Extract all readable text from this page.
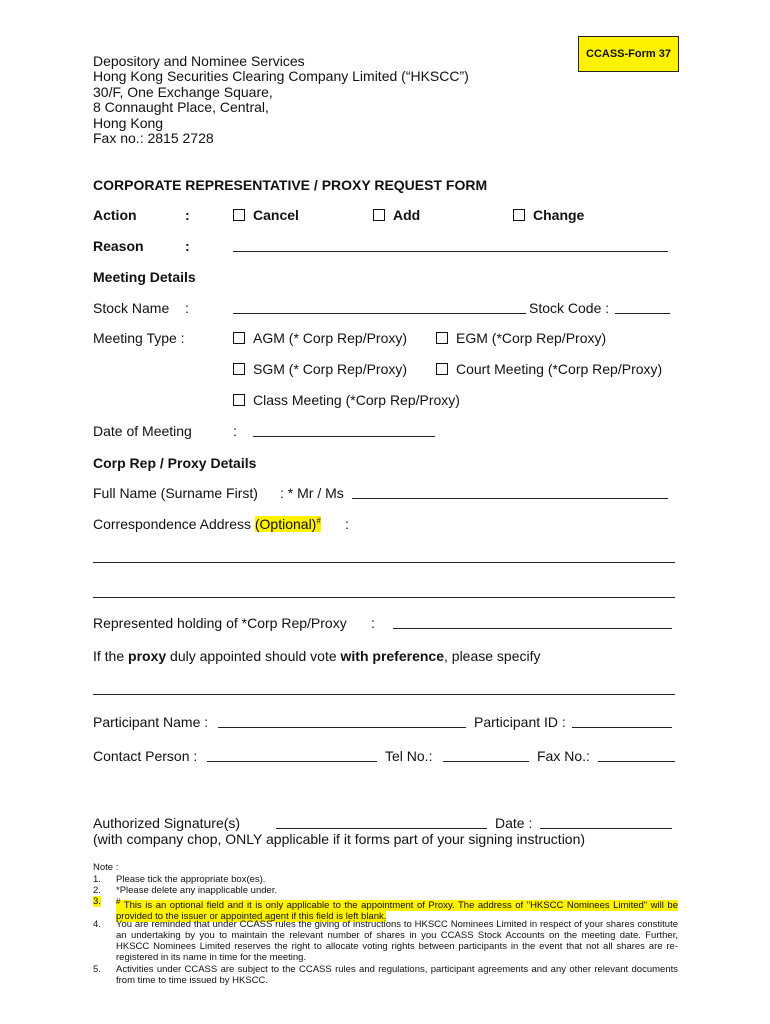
CCASS-Form 37
Depository and Nominee Services
Hong Kong Securities Clearing Company Limited (“HKSCC”)
30/F, One Exchange Square,
8 Connaught Place, Central,
Hong Kong
Fax no.: 2815 2728
CORPORATE REPRESENTATIVE / PROXY REQUEST FORM
Action	:	Cancel	Add	Change
Reason	:
Meeting Details
Stock Name :	Stock Code :
Meeting Type :	AGM (* Corp Rep/Proxy)	EGM (*Corp Rep/Proxy)
SGM (* Corp Rep/Proxy)	Court Meeting (*Corp Rep/Proxy)
Class Meeting (*Corp Rep/Proxy)
Date of Meeting	:
Corp Rep / Proxy Details
Full Name (Surname First) : * Mr / Ms
Correspondence Address (Optional)# :
Represented holding of *Corp Rep/Proxy :
If the proxy duly appointed should vote with preference, please specify
Participant Name :	Participant ID :
Contact Person :	Tel No.:	Fax No.:
Authorized Signature(s)	Date :
(with company chop, ONLY applicable if it forms part of your signing instruction)
Note :
1. Please tick the appropriate box(es).
2. *Please delete any inapplicable under.
3. # This is an optional field and it is only applicable to the appointment of Proxy. The address of "HKSCC Nominees Limited" will be provided to the issuer or appointed agent if this field is left blank.
4. You are reminded that under CCASS rules the giving of instructions to HKSCC Nominees Limited in respect of your shares constitute an undertaking by you to maintain the relevant number of shares in you CCASS Stock Accounts on the meeting date. Further, HKSCC Nominees Limited reserves the right to allocate voting rights between participants in the event that not all shares are re-registered in its name in time for the meeting.
5. Activities under CCASS are subject to the CCASS rules and regulations, participant agreements and any other relevant documents from time to time issued by HKSCC.
